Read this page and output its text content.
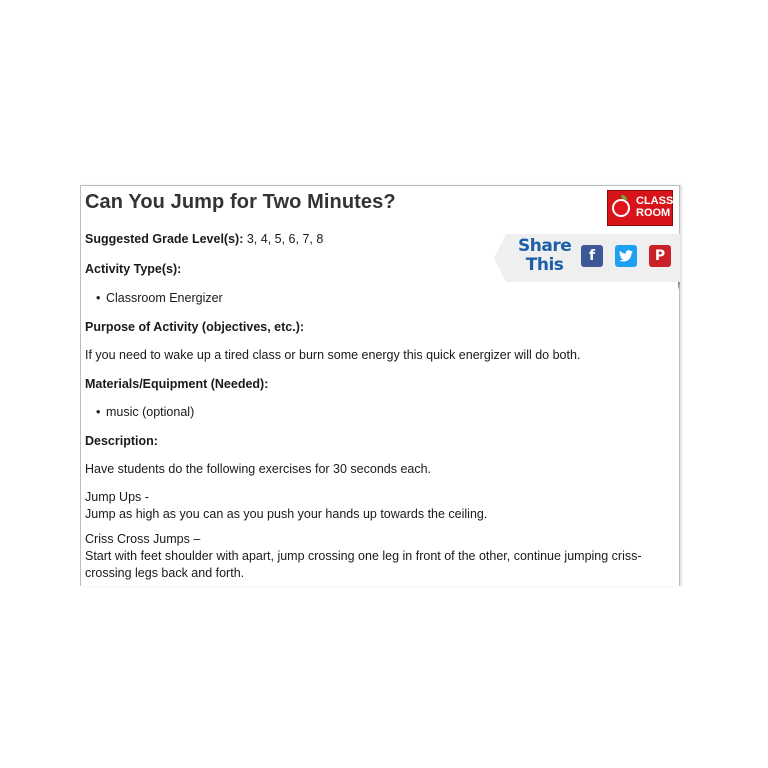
Can You Jump for Two Minutes?
Suggested Grade Level(s): 3, 4, 5, 6, 7, 8
Activity Type(s):
• Classroom Energizer
Purpose of Activity (objectives, etc.):
If you need to wake up a tired class or burn some energy this quick energizer will do both.
Materials/Equipment (Needed):
• music (optional)
Description:
Have students do the following exercises for 30 seconds each.
Jump Ups -
Jump as high as you can as you push your hands up towards the ceiling.
Criss Cross Jumps –
Start with feet shoulder with apart, jump crossing one leg in front of the other, continue jumping criss-crossing legs back and forth.
CLASS
ROOM
Share
This	f	P
